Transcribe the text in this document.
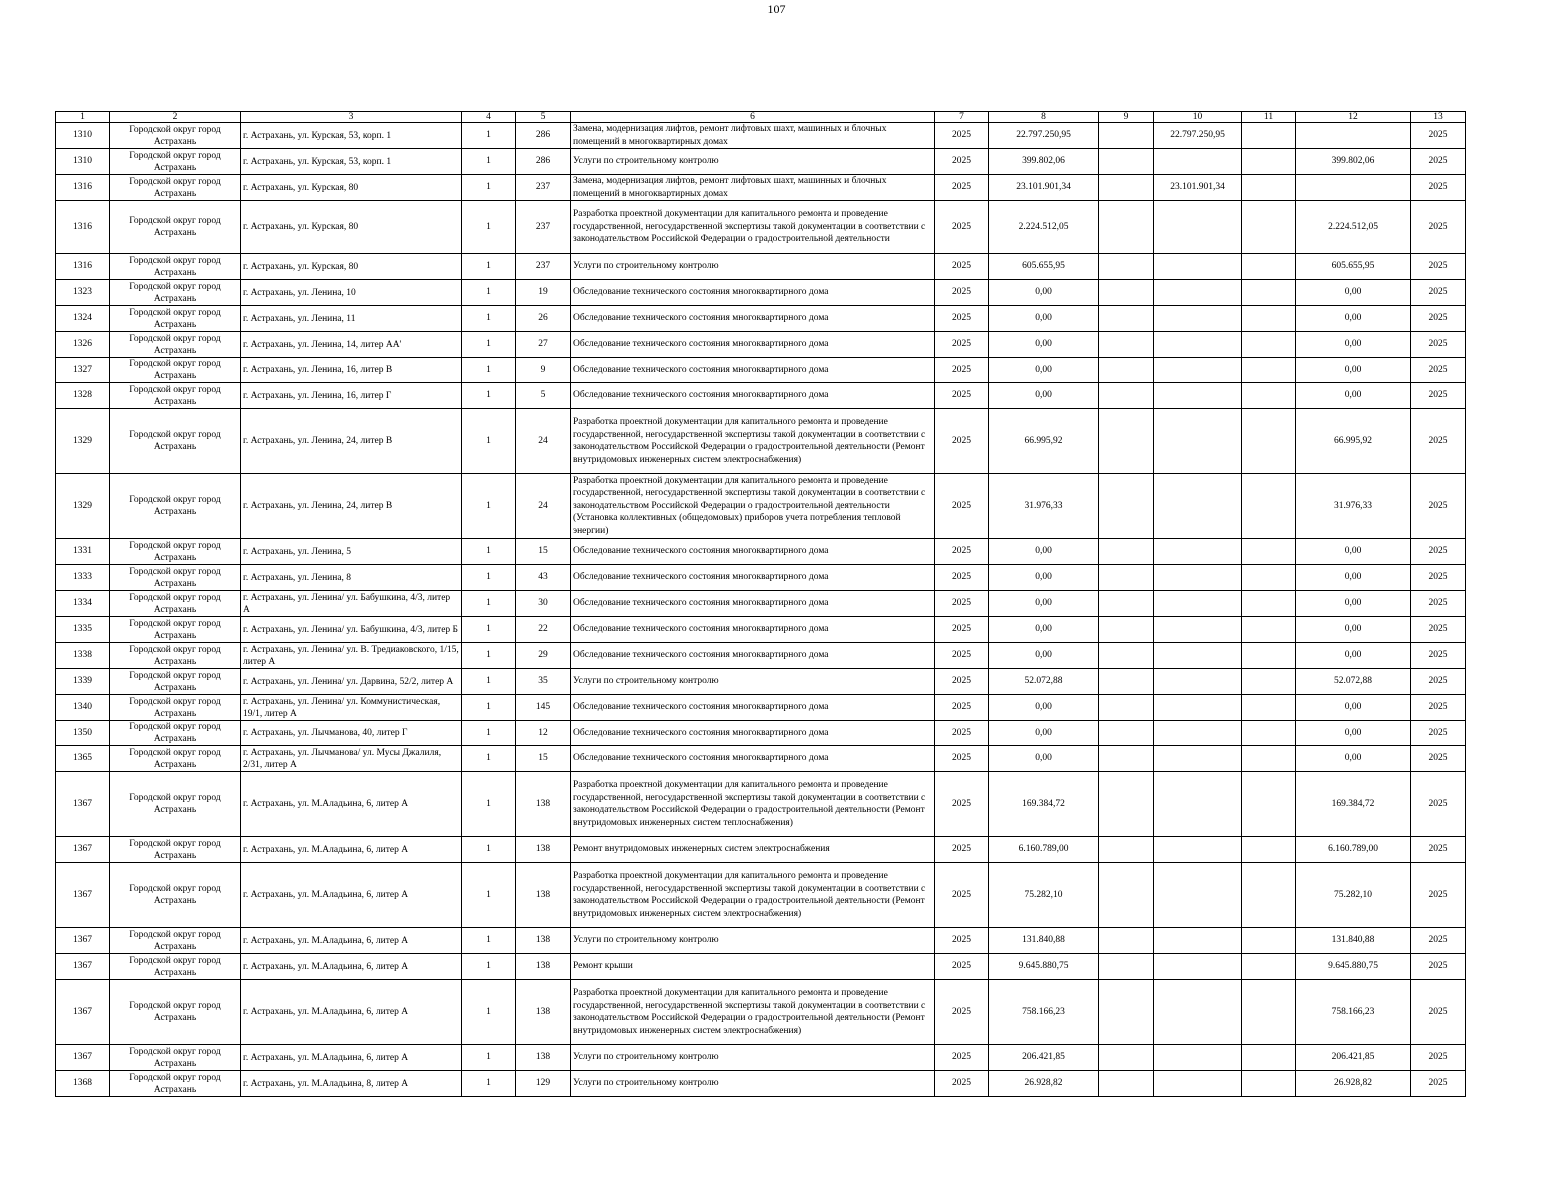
107
1	2	3	4	5	6	7	8	9	10	11	12	13
1310	Городской округ город Астрахань	г. Астрахань, ул. Курская, 53, корп. 1	1	286	Замена, модернизация лифтов, ремонт лифтовых шахт, машинных и блочных помещений в многоквартирных домах	2025	22.797.250,95		22.797.250,95			2025
1310	Городской округ город Астрахань	г. Астрахань, ул. Курская, 53, корп. 1	1	286	Услуги по строительному контролю	2025	399.802,06				399.802,06	2025
1316	Городской округ город Астрахань	г. Астрахань, ул. Курская, 80	1	237	Замена, модернизация лифтов, ремонт лифтовых шахт, машинных и блочных помещений в многоквартирных домах	2025	23.101.901,34		23.101.901,34			2025
1316	Городской округ город Астрахань	г. Астрахань, ул. Курская, 80	1	237	Разработка проектной документации для капитального ремонта и проведение государственной, негосударственной экспертизы такой документации в соответствии с законодательством Российской Федерации о градостроительной деятельности	2025	2.224.512,05				2.224.512,05	2025
1316	Городской округ город Астрахань	г. Астрахань, ул. Курская, 80	1	237	Услуги по строительному контролю	2025	605.655,95				605.655,95	2025
1323	Городской округ город Астрахань	г. Астрахань, ул. Ленина, 10	1	19	Обследование технического состояния многоквартирного дома	2025	0,00				0,00	2025
1324	Городской округ город Астрахань	г. Астрахань, ул. Ленина, 11	1	26	Обследование технического состояния многоквартирного дома	2025	0,00				0,00	2025
1326	Городской округ город Астрахань	г. Астрахань, ул. Ленина, 14, литер АА'	1	27	Обследование технического состояния многоквартирного дома	2025	0,00				0,00	2025
1327	Городской округ город Астрахань	г. Астрахань, ул. Ленина, 16, литер В	1	9	Обследование технического состояния многоквартирного дома	2025	0,00				0,00	2025
1328	Городской округ город Астрахань	г. Астрахань, ул. Ленина, 16, литер Г	1	5	Обследование технического состояния многоквартирного дома	2025	0,00				0,00	2025
1329	Городской округ город Астрахань	г. Астрахань, ул. Ленина, 24, литер В	1	24	Разработка проектной документации для капитального ремонта и проведение государственной, негосударственной экспертизы такой документации в соответствии с законодательством Российской Федерации о градостроительной деятельности (Ремонт внутридомовых инженерных систем электроснабжения)	2025	66.995,92				66.995,92	2025
1329	Городской округ город Астрахань	г. Астрахань, ул. Ленина, 24, литер В	1	24	Разработка проектной документации для капитального ремонта и проведение государственной, негосударственной экспертизы такой документации в соответствии с законодательством Российской Федерации о градостроительной деятельности (Установка коллективных (общедомовых) приборов учета потребления тепловой энергии)	2025	31.976,33				31.976,33	2025
1331	Городской округ город Астрахань	г. Астрахань, ул. Ленина, 5	1	15	Обследование технического состояния многоквартирного дома	2025	0,00				0,00	2025
1333	Городской округ город Астрахань	г. Астрахань, ул. Ленина, 8	1	43	Обследование технического состояния многоквартирного дома	2025	0,00				0,00	2025
1334	Городской округ город Астрахань	г. Астрахань, ул. Ленина/ ул. Бабушкина, 4/3, литер А	1	30	Обследование технического состояния многоквартирного дома	2025	0,00				0,00	2025
1335	Городской округ город Астрахань	г. Астрахань, ул. Ленина/ ул. Бабушкина, 4/3, литер Б	1	22	Обследование технического состояния многоквартирного дома	2025	0,00				0,00	2025
1338	Городской округ город Астрахань	г. Астрахань, ул. Ленина/ ул. В. Тредиаковского, 1/15, литер А	1	29	Обследование технического состояния многоквартирного дома	2025	0,00				0,00	2025
1339	Городской округ город Астрахань	г. Астрахань, ул. Ленина/ ул. Дарвина, 52/2, литер А	1	35	Услуги по строительному контролю	2025	52.072,88				52.072,88	2025
1340	Городской округ город Астрахань	г. Астрахань, ул. Ленина/ ул. Коммунистическая, 19/1, литер А	1	145	Обследование технического состояния многоквартирного дома	2025	0,00				0,00	2025
1350	Городской округ город Астрахань	г. Астрахань, ул. Лычманова, 40, литер Г	1	12	Обследование технического состояния многоквартирного дома	2025	0,00				0,00	2025
1365	Городской округ город Астрахань	г. Астрахань, ул. Лычманова/ ул. Мусы Джалиля, 2/31, литер А	1	15	Обследование технического состояния многоквартирного дома	2025	0,00				0,00	2025
1367	Городской округ город Астрахань	г. Астрахань, ул. М.Аладьина, 6, литер А	1	138	Разработка проектной документации для капитального ремонта и проведение государственной, негосударственной экспертизы такой документации в соответствии с законодательством Российской Федерации о градостроительной деятельности (Ремонт внутридомовых инженерных систем теплоснабжения)	2025	169.384,72				169.384,72	2025
1367	Городской округ город Астрахань	г. Астрахань, ул. М.Аладьина, 6, литер А	1	138	Ремонт внутридомовых инженерных систем электроснабжения	2025	6.160.789,00				6.160.789,00	2025
1367	Городской округ город Астрахань	г. Астрахань, ул. М.Аладьина, 6, литер А	1	138	Разработка проектной документации для капитального ремонта и проведение государственной, негосударственной экспертизы такой документации в соответствии с законодательством Российской Федерации о градостроительной деятельности (Ремонт внутридомовых инженерных систем электроснабжения)	2025	75.282,10				75.282,10	2025
1367	Городской округ город Астрахань	г. Астрахань, ул. М.Аладьина, 6, литер А	1	138	Услуги по строительному контролю	2025	131.840,88				131.840,88	2025
1367	Городской округ город Астрахань	г. Астрахань, ул. М.Аладьина, 6, литер А	1	138	Ремонт крыши	2025	9.645.880,75				9.645.880,75	2025
1367	Городской округ город Астрахань	г. Астрахань, ул. М.Аладьина, 6, литер А	1	138	Разработка проектной документации для капитального ремонта и проведение государственной, негосударственной экспертизы такой документации в соответствии с законодательством Российской Федерации о градостроительной деятельности (Ремонт внутридомовых инженерных систем электроснабжения)	2025	758.166,23				758.166,23	2025
1367	Городской округ город Астрахань	г. Астрахань, ул. М.Аладьина, 6, литер А	1	138	Услуги по строительному контролю	2025	206.421,85				206.421,85	2025
1368	Городской округ город Астрахань	г. Астрахань, ул. М.Аладьина, 8, литер А	1	129	Услуги по строительному контролю	2025	26.928,82				26.928,82	2025
